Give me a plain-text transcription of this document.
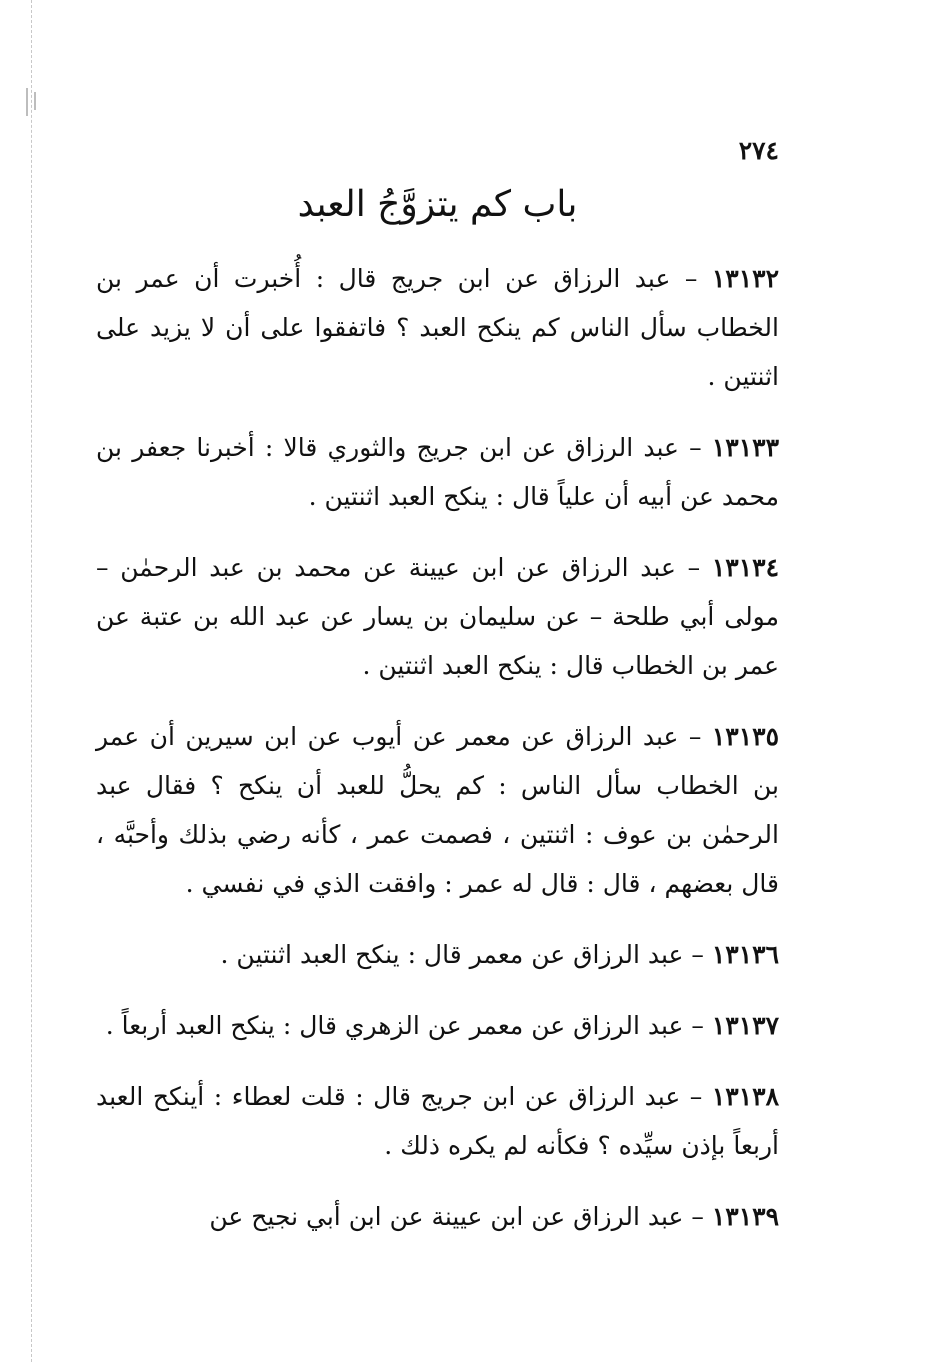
٢٧٤
باب كم يتزوَّجُ العبد

١٣١٣٢ – عبد الرزاق عن ابن جريج قال : أُخبرت أن عمر بن الخطاب سأل الناس كم ينكح العبد ؟ فاتفقوا على أن لا يزيد على اثنتين .

١٣١٣٣ – عبد الرزاق عن ابن جريج والثوري قالا : أخبرنا جعفر بن محمد عن أبيه أن علياً قال : ينكح العبد اثنتين .

١٣١٣٤ – عبد الرزاق عن ابن عيينة عن محمد بن عبد الرحمٰن – مولى أبي طلحة – عن سليمان بن يسار عن عبد الله بن عتبة عن عمر بن الخطاب قال : ينكح العبد اثنتين .

١٣١٣٥ – عبد الرزاق عن معمر عن أيوب عن ابن سيرين أن عمر بن الخطاب سأل الناس : كم يحلُّ للعبد أن ينكح ؟ فقال عبد الرحمٰن بن عوف : اثنتين ، فصمت عمر ، كأنه رضي بذلك وأحبَّه ، قال بعضهم ، قال : قال له عمر : وافقت الذي في نفسي .

١٣١٣٦ – عبد الرزاق عن معمر قال : ينكح العبد اثنتين .

١٣١٣٧ – عبد الرزاق عن معمر عن الزهري قال : ينكح العبد أربعاً .

١٣١٣٨ – عبد الرزاق عن ابن جريج قال : قلت لعطاء : أينكح العبد أربعاً بإذن سيِّده ؟ فكأنه لم يكره ذلك .

١٣١٣٩ – عبد الرزاق عن ابن عيينة عن ابن أبي نجيح عن
